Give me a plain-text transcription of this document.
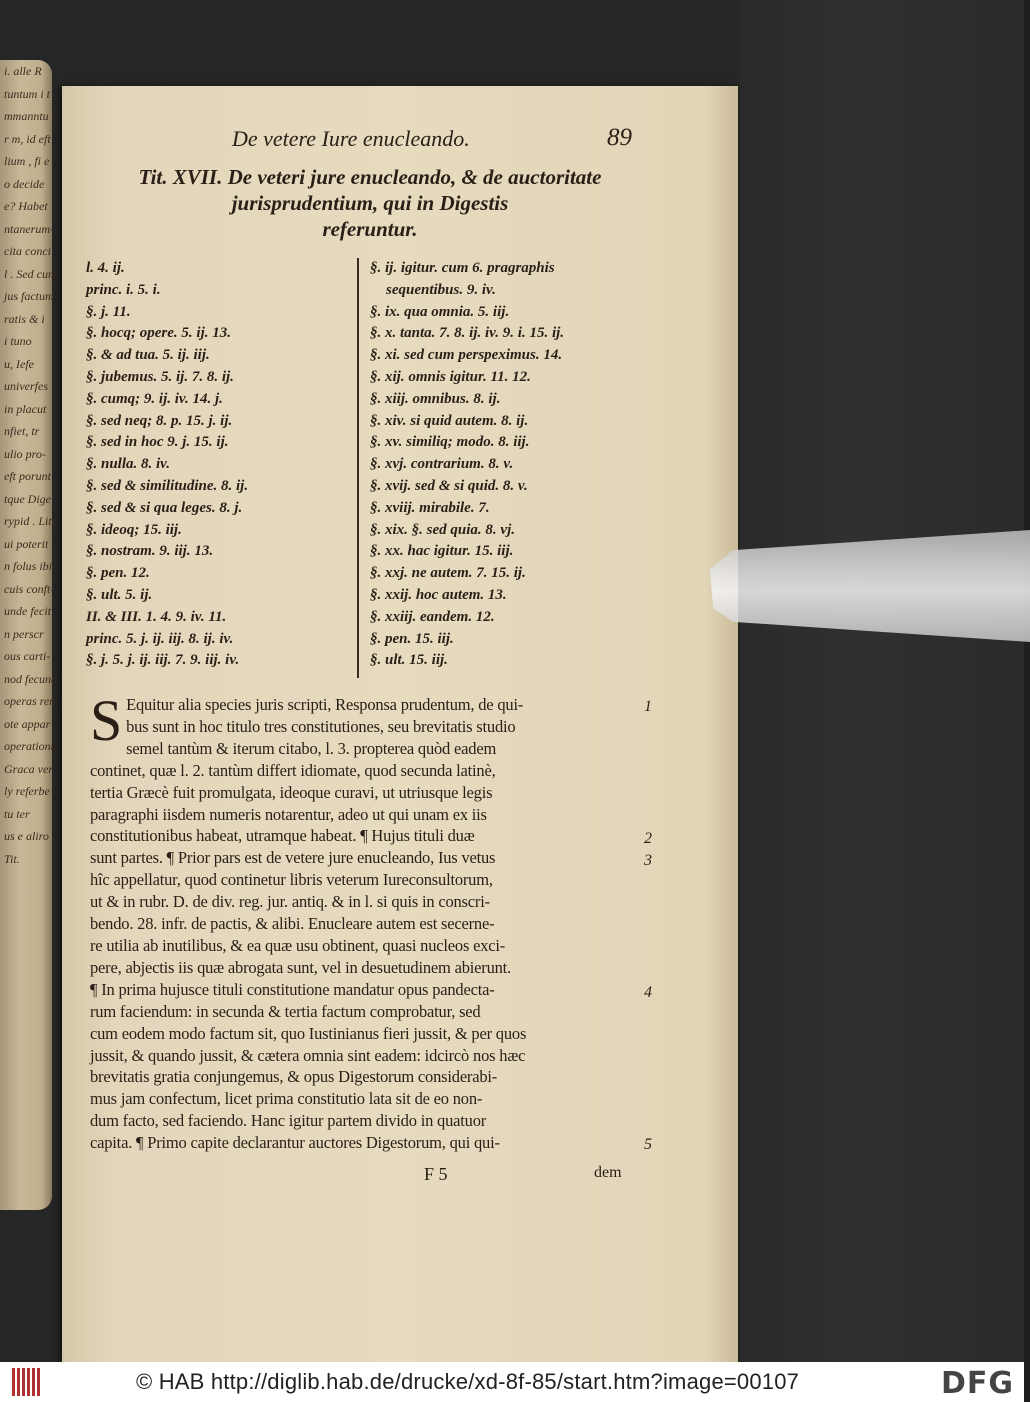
i. alle R
tuntum i t
mmanntu c
r m, id eft
lium , fi e
o decide
e? Habet
ntanerum-
cita conci
l . Sed cum
jus factum
ratis & i
i tuno
u, Iefe
univerfes
in placut
nfiet, tr
ulio pro-
eft porunt
tque Dige
rypid . Lite
ui poterit
n folus ibi-
cuis conft-
unde fecit
n perscr
ous carti-
nod fecund
operas rem
ote appar
operationu
Graca ver
ly referbe
tu ter
us e aliro
Tit.
De vetere Iure enucleando.	89
Tit. XVII. De veteri jure enucleando, & de auctoritate
jurisprudentium, qui in Digestis
referuntur.
l. 4. ij.
princ. i. 5. i.
§. j. 11.
§. hocq; opere. 5. ij. 13.
§. & ad tua. 5. ij. iij.
§. jubemus. 5. ij. 7. 8. ij.
§. cumq; 9. ij. iv. 14. j.
§. sed neq; 8. p. 15. j. ij.
§. sed in hoc 9. j. 15. ij.
§. nulla. 8. iv.
§. sed & similitudine. 8. ij.
§. sed & si qua leges. 8. j.
§. ideoq; 15. iij.
§. nostram. 9. iij. 13.
§. pen. 12.
§. ult. 5. ij.
II. & III. 1. 4. 9. iv. 11.
princ. 5. j. ij. iij. 8. ij. iv.
§. j. 5. j. ij. iij. 7. 9. iij. iv.
§. ij. igitur. cum 6. pragraphis
sequentibus. 9. iv.
§. ix. qua omnia. 5. iij.
§. x. tanta. 7. 8. ij. iv. 9. i. 15. ij.
§. xi. sed cum perspeximus. 14.
§. xij. omnis igitur. 11. 12.
§. xiij. omnibus. 8. ij.
§. xiv. si quid autem. 8. ij.
§. xv. similiq; modo. 8. iij.
§. xvj. contrarium. 8. v.
§. xvij. sed & si quid. 8. v.
§. xviij. mirabile. 7.
§. xix. §. sed quia. 8. vj.
§. xx. hac igitur. 15. iij.
§. xxj. ne autem. 7. 15. ij.
§. xxij. hoc autem. 13.
§. xxiij. eandem. 12.
§. pen. 15. iij.
§. ult. 15. iij.
S Equitur alia species juris scripti, Responsa prudentum, de qui-
bus sunt in hoc titulo tres constitutiones, seu brevitatis studio
semel tantùm & iterum citabo, l. 3. propterea quòd eadem
continet, quæ l. 2. tantùm differt idiomate, quod secunda latinè,
tertia Græcè fuit promulgata, ideoque curavi, ut utriusque legis
paragraphi iisdem numeris notarentur, adeo ut qui unam ex iis
constitutionibus habeat, utramque habeat. ¶ Hujus tituli duæ
sunt partes. ¶ Prior pars est de vetere jure enucleando, Ius vetus
hîc appellatur, quod continetur libris veterum Iureconsultorum,
ut & in rubr. D. de div. reg. jur. antiq. & in l. si quis in conscri-
bendo. 28. infr. de pactis, & alibi. Enucleare autem est secerne-
re utilia ab inutilibus, & ea quæ usu obtinent, quasi nucleos exci-
pere, abjectis iis quæ abrogata sunt, vel in desuetudinem abierunt.
¶ In prima hujusce tituli constitutione mandatur opus pandecta-
rum faciendum: in secunda & tertia factum comprobatur, sed
cum eodem modo factum sit, quo Iustinianus fieri jussit, & per quos
jussit, & quando jussit, & cætera omnia sint eadem: idcircò nos hæc
brevitatis gratia conjungemus, & opus Digestorum considerabi-
mus jam confectum, licet prima constitutio lata sit de eo non-
dum facto, sed faciendo. Hanc igitur partem divido in quatuor
capita. ¶ Primo capite declarantur auctores Digestorum, qui qui-
1
2
3
4
5
F 5	dem
© HAB http://diglib.hab.de/drucke/xd-8f-85/start.htm?image=00107	DFG
